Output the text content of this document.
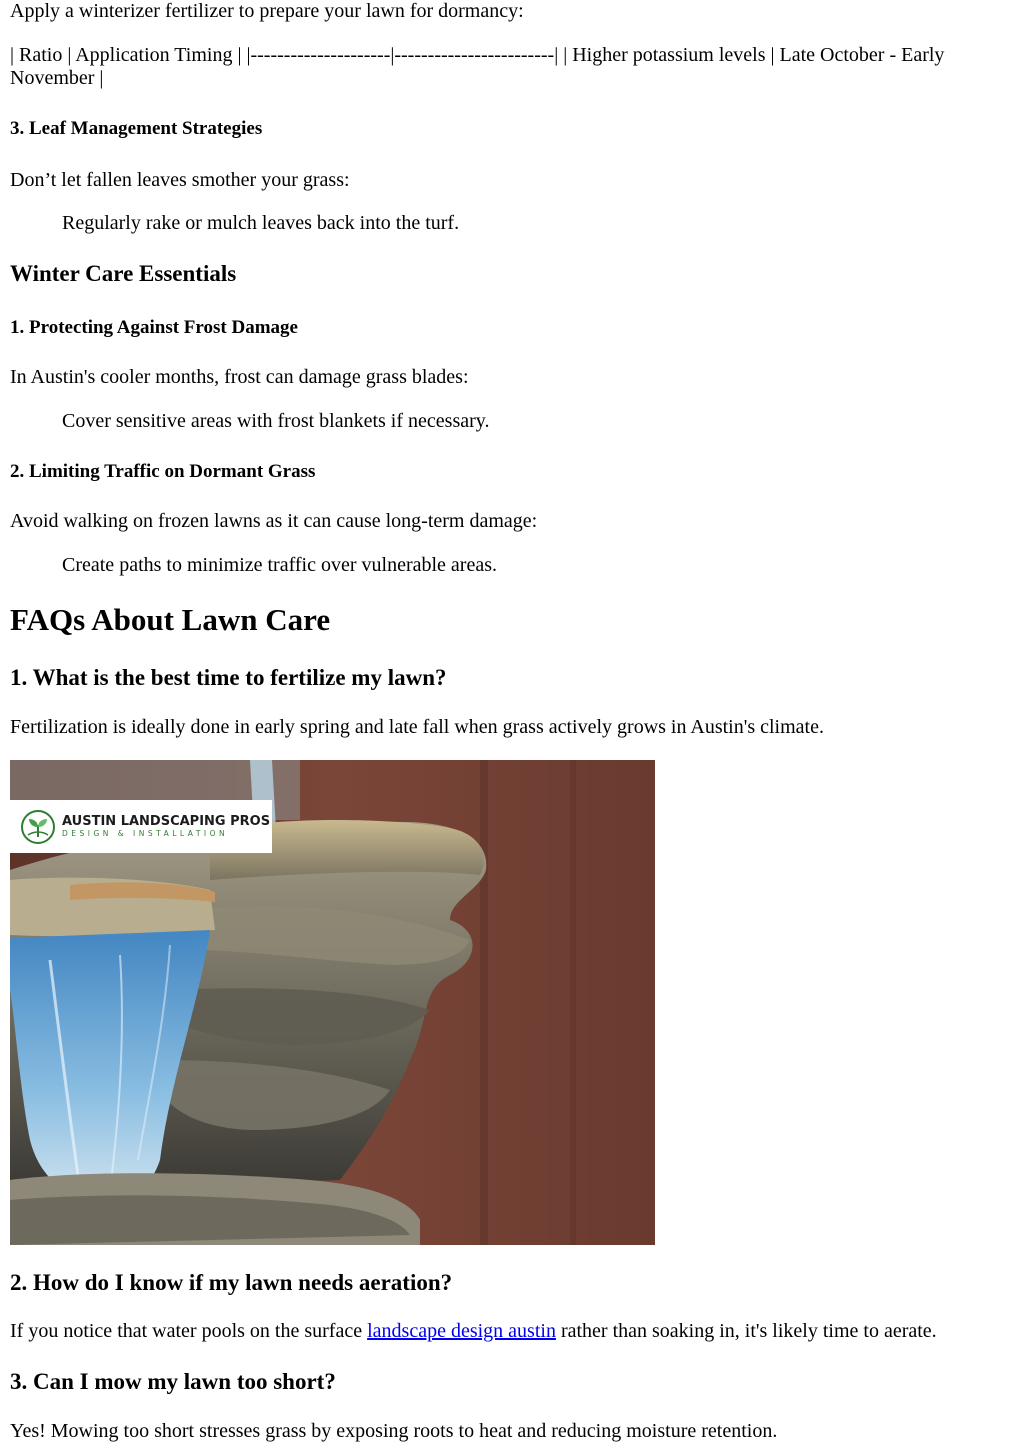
Apply a winterizer fertilizer to prepare your lawn for dormancy:

| Ratio | Application Timing | |---------------------|------------------------| | Higher potassium levels | Late October - Early

November |

3. Leaf Management Strategies

Don’t let fallen leaves smother your grass:

Regularly rake or mulch leaves back into the turf.

Winter Care Essentials
1. Protecting Against Frost Damage

In Austin's cooler months, frost can damage grass blades:

Cover sensitive areas with frost blankets if necessary.

2. Limiting Traffic on Dormant Grass

Avoid walking on frozen lawns as it can cause long-term damage:

Create paths to minimize traffic over vulnerable areas.

FAQs About Lawn Care
1. What is the best time to fertilize my lawn?

Fertilization is ideally done in early spring and late fall when grass actively grows in Austin's climate.

AUSTIN LANDSCAPING PROS
DESIGN & INSTALLATION
2. How do I know if my lawn needs aeration?

If you notice that water pools on the surface landscape design austin rather than soaking in, it's likely time to aerate.

3. Can I mow my lawn too short?

Yes! Mowing too short stresses grass by exposing roots to heat and reducing moisture retention.
